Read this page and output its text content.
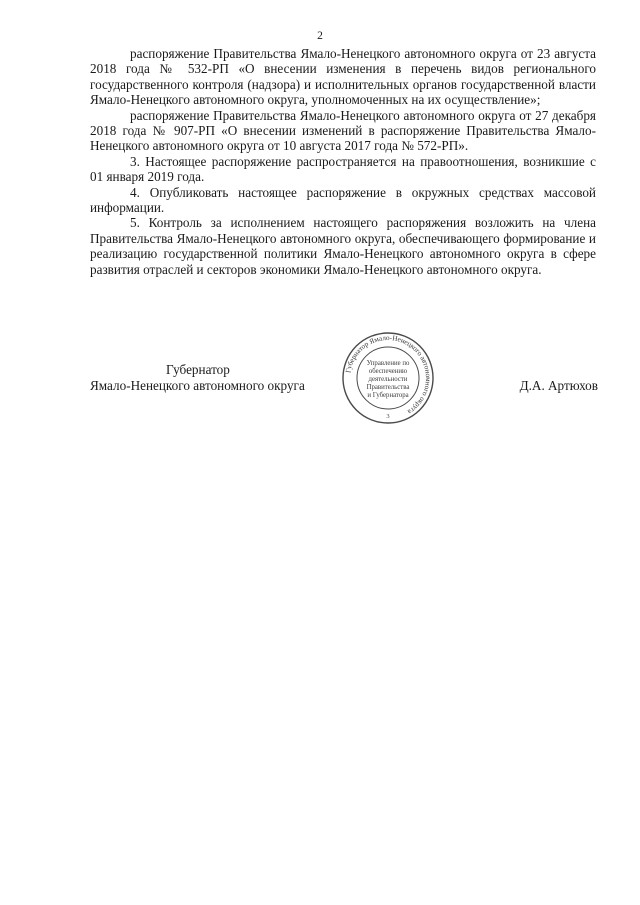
2

распоряжение Правительства Ямало-Ненецкого автономного округа от 23 августа 2018 года № 532-РП «О внесении изменения в перечень видов регионального государственного контроля (надзора) и исполнительных органов государственной власти Ямало-Ненецкого автономного округа, уполномоченных на их осуществление»;

распоряжение Правительства Ямало-Ненецкого автономного округа от 27 декабря 2018 года № 907-РП «О внесении изменений в распоряжение Правительства Ямало-Ненецкого автономного округа от 10 августа 2017 года № 572-РП».

3. Настоящее распоряжение распространяется на правоотношения, возникшие с 01 января 2019 года.

4. Опубликовать настоящее распоряжение в окружных средствах массовой информации.

5. Контроль за исполнением настоящего распоряжения возложить на члена Правительства Ямало-Ненецкого автономного округа, обеспечивающего формирование и реализацию государственной политики Ямало-Ненецкого автономного округа в сфере развития отраслей и секторов экономики Ямало-Ненецкого автономного округа.

Губернатор
Ямало-Ненецкого автономного округа	Д.А. Артюхов
Губернатор Ямало-Ненецкого автономного округа
3
Управление по
обеспечению
деятельности
Правительства
и Губернатора
